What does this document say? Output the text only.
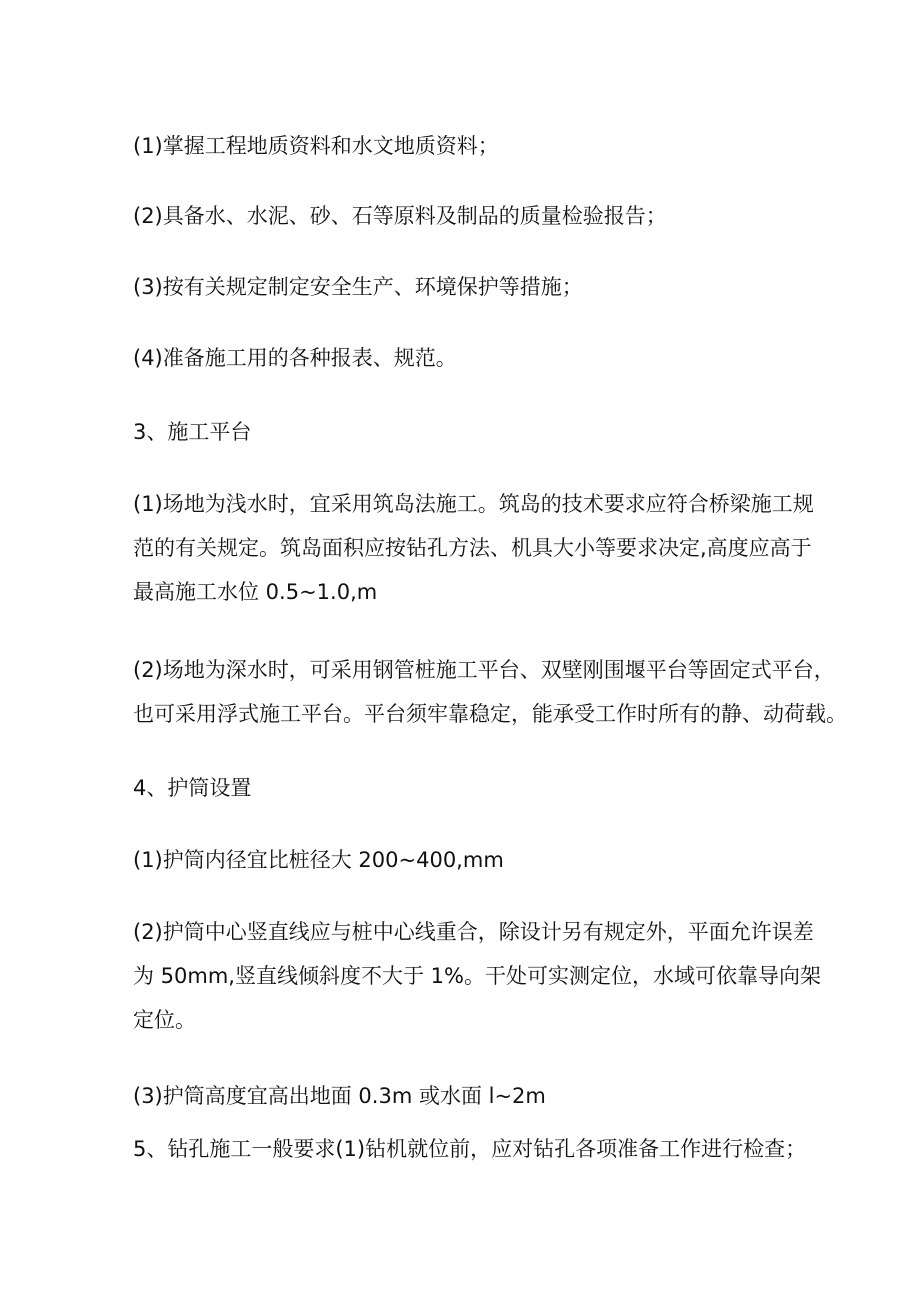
(1)掌握工程地质资料和水文地质资料；

(2)具备水、水泥、砂、石等原料及制品的质量检验报告；

(3)按有关规定制定安全生产、环境保护等措施；

(4)准备施工用的各种报表、规范。

3、施工平台

(1)场地为浅水时，宜采用筑岛法施工。筑岛的技术要求应符合桥梁施工规
范的有关规定。筑岛面积应按钻孔方法、机具大小等要求决定,高度应高于
最高施工水位 0.5~1.0,m

(2)场地为深水时，可采用钢管桩施工平台、双壁刚围堰平台等固定式平台，
也可采用浮式施工平台。平台须牢靠稳定，能承受工作时所有的静、动荷载。

4、护筒设置

(1)护筒内径宜比桩径大 200~400,mm

(2)护筒中心竖直线应与桩中心线重合，除设计另有规定外，平面允许误差
为 50mm,竖直线倾斜度不大于 1%。干处可实测定位，水域可依靠导向架
定位。

(3)护筒高度宜高出地面 0.3m 或水面 l~2m

5、钻孔施工一般要求(1)钻机就位前，应对钻孔各项准备工作进行检查；
